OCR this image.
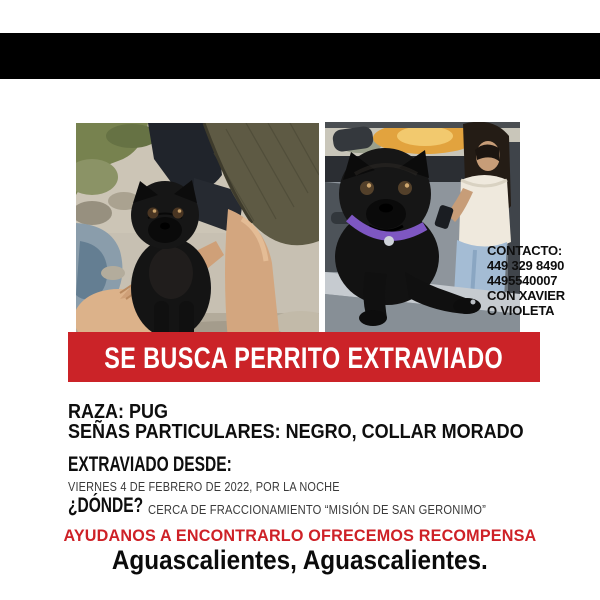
CONTACTO:
449 329 8490
4495540007
CON XAVIER
O VIOLETA
SE BUSCA PERRITO EXTRAVIADO
RAZA: PUG
SEÑAS PARTICULARES: NEGRO, COLLAR MORADO
EXTRAVIADO DESDE:
VIERNES 4 DE FEBRERO DE 2022, POR LA NOCHE
¿DÓNDE? CERCA DE FRACCIONAMIENTO “MISIÓN DE SAN GERONIMO”
AYUDANOS A ENCONTRARLO OFRECEMOS RECOMPENSA
Aguascalientes, Aguascalientes.
